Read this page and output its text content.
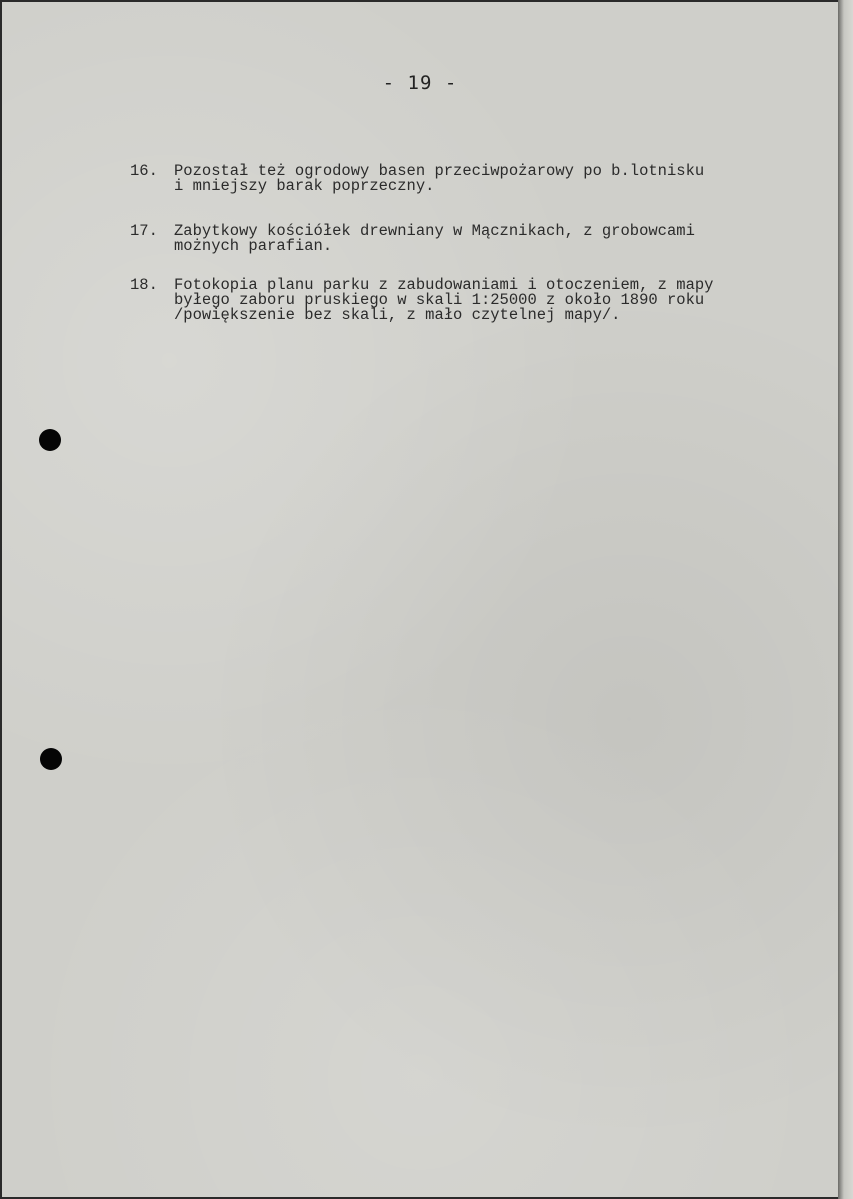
- 19 -
16. Pozostał też ogrodowy basen przeciwpożarowy po b.lotnisku
i mniejszy barak poprzeczny.
17. Zabytkowy kościółek drewniany w Mącznikach, z grobowcami
możnych parafian.
18. Fotokopia planu parku z zabudowaniami i otoczeniem, z mapy
byłego zaboru pruskiego w skali 1:25000 z około 1890 roku
/powiększenie bez skali, z mało czytelnej mapy/.
